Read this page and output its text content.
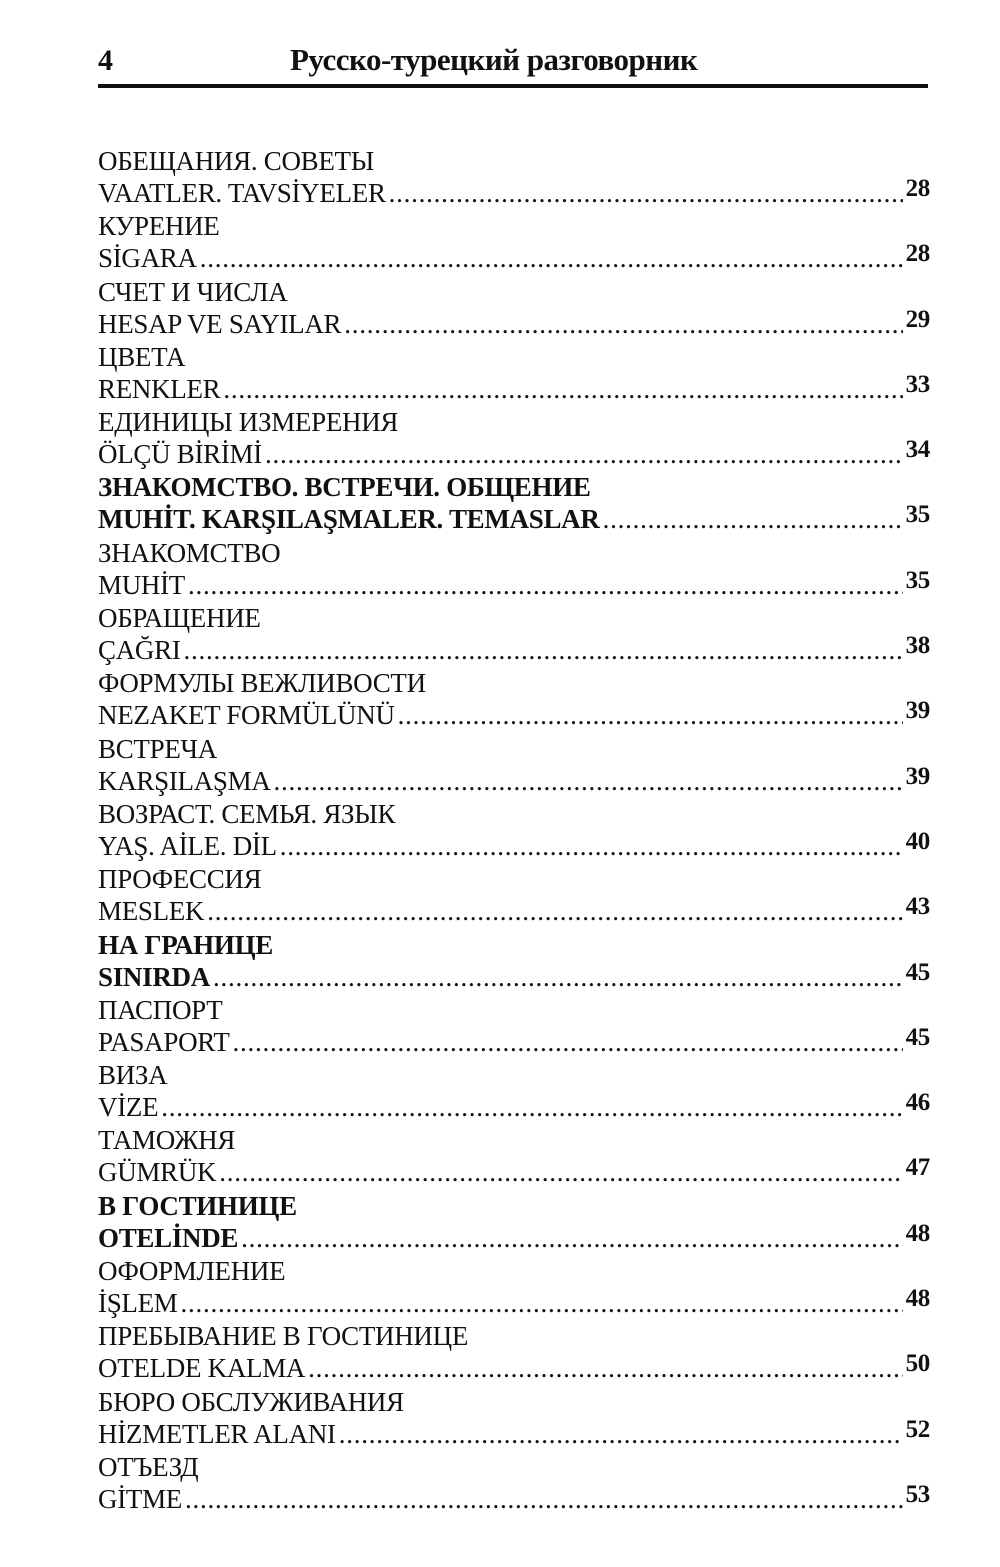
4	Русско-турецкий разговорник
ОБЕЩАНИЯ. СОВЕТЫ
VAATLER. TAVSİYELER . . .	28
КУРЕНИЕ
SİGARA . . .	28
СЧЕТ И ЧИСЛА
HESAP VE SAYILAR . . .	29
ЦВЕТА
RENKLER . . .	33
ЕДИНИЦЫ ИЗМЕРЕНИЯ
ÖLÇÜ BİRİMİ . . .	34
ЗНАКОМСТВО. ВСТРЕЧИ. ОБЩЕНИЕ
MUHİT. KARŞILAŞMALER. TEMASLAR . . .	35
ЗНАКОМСТВО
MUHİT . . .	35
ОБРАЩЕНИЕ
ÇAĞRI . . .	38
ФОРМУЛЫ ВЕЖЛИВОСТИ
NEZAKET FORMÜLÜNÜ . . .	39
ВСТРЕЧА
KARŞILAŞMA . . .	39
ВОЗРАСТ. СЕМЬЯ. ЯЗЫК
YAŞ. AİLE. DİL . . .	40
ПРОФЕССИЯ
MESLEK . . .	43
НА ГРАНИЦЕ
SINIRDA . . .	45
ПАСПОРТ
PASAPORT . . .	45
ВИЗА
VİZE . . .	46
ТАМОЖНЯ
GÜMRÜK . . .	47
В ГОСТИНИЦЕ
OTELİNDE . . .	48
ОФОРМЛЕНИЕ
İŞLEM . . .	48
ПРЕБЫВАНИЕ В ГОСТИНИЦЕ
OTELDE KALMA . . .	50
БЮРО ОБСЛУЖИВАНИЯ
HİZMETLER ALANI . . .	52
ОТЪЕЗД
GİTME . . .	53
